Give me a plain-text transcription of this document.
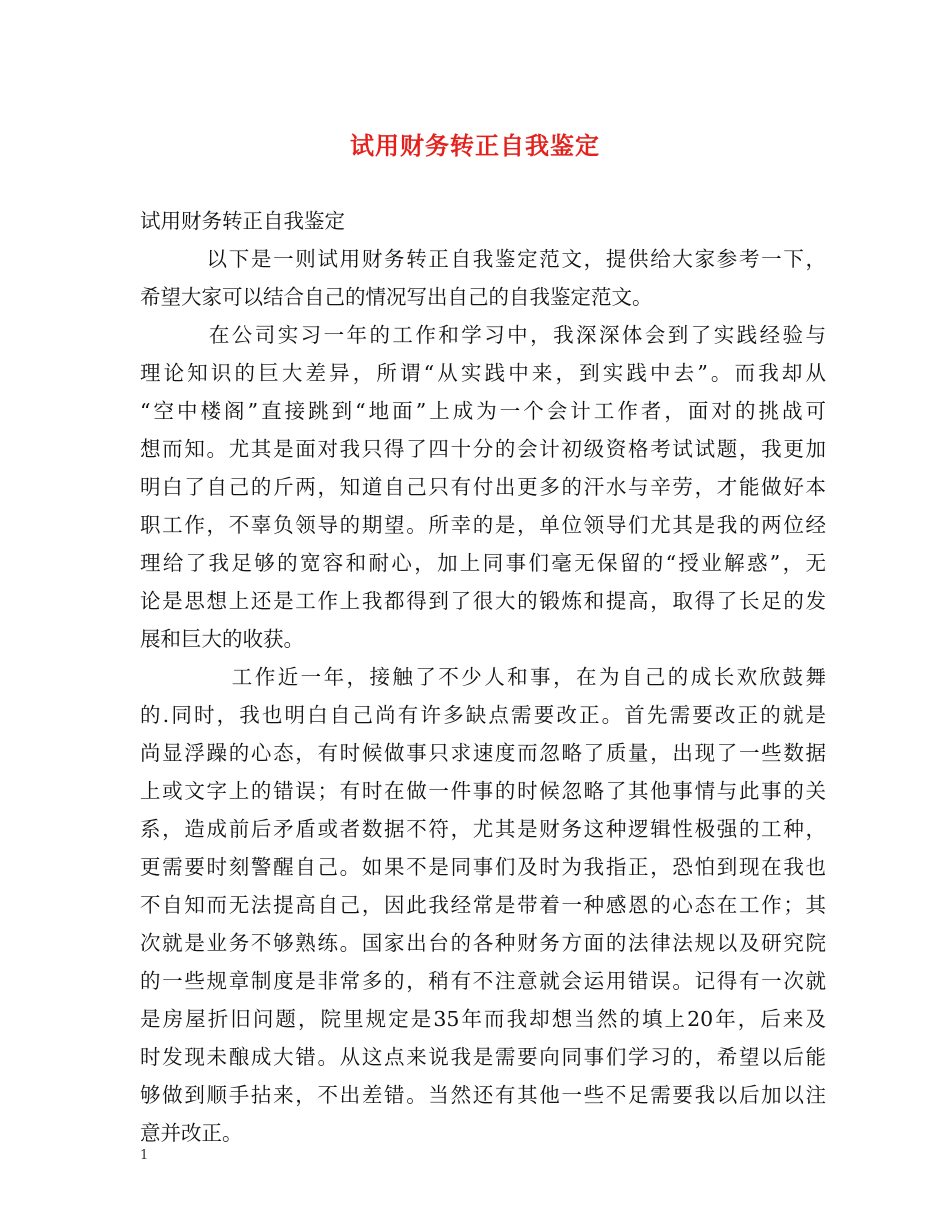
试用财务转正自我鉴定
试用财务转正自我鉴定
　　　以下是一则试用财务转正自我鉴定范文，提供给大家参考一下，
希望大家可以结合自己的情况写出自己的自我鉴定范文。
　　　在公司实习一年的工作和学习中，我深深体会到了实践经验与
理论知识的巨大差异，所谓“从实践中来，到实践中去”。而我却从
“空中楼阁”直接跳到“地面”上成为一个会计工作者，面对的挑战可
想而知。尤其是面对我只得了四十分的会计初级资格考试试题，我更加
明白了自己的斤两，知道自己只有付出更多的汗水与辛劳，才能做好本
职工作，不辜负领导的期望。所幸的是，单位领导们尤其是我的两位经
理给了我足够的宽容和耐心，加上同事们毫无保留的“授业解惑”，无
论是思想上还是工作上我都得到了很大的锻炼和提高，取得了长足的发
展和巨大的收获。
　　　　工作近一年，接触了不少人和事，在为自己的成长欢欣鼓舞
的.同时，我也明白自己尚有许多缺点需要改正。首先需要改正的就是
尚显浮躁的心态，有时候做事只求速度而忽略了质量，出现了一些数据
上或文字上的错误；有时在做一件事的时候忽略了其他事情与此事的关
系，造成前后矛盾或者数据不符，尤其是财务这种逻辑性极强的工种，
更需要时刻警醒自己。如果不是同事们及时为我指正，恐怕到现在我也
不自知而无法提高自己，因此我经常是带着一种感恩的心态在工作；其
次就是业务不够熟练。国家出台的各种财务方面的法律法规以及研究院
的一些规章制度是非常多的，稍有不注意就会运用错误。记得有一次就
是房屋折旧问题，院里规定是35年而我却想当然的填上20年，后来及
时发现未酿成大错。从这点来说我是需要向同事们学习的，希望以后能
够做到顺手拈来，不出差错。当然还有其他一些不足需要我以后加以注
意并改正。
1
